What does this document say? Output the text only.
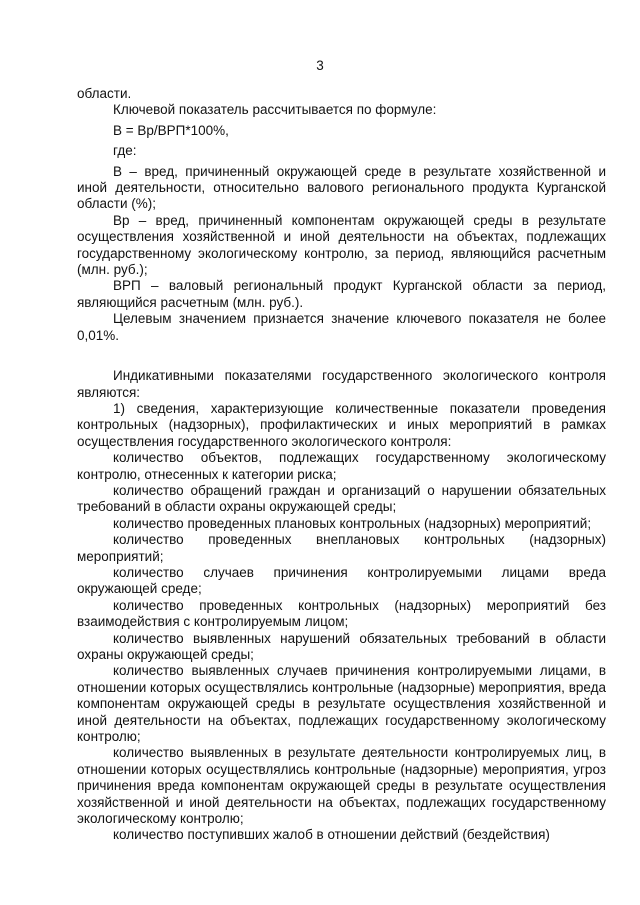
3

области.

Ключевой показатель рассчитывается по формуле:

В = Вр/ВРП*100%,

где:

В – вред, причиненный окружающей среде в результате хозяйственной и иной деятельности, относительно валового регионального продукта Курганской области (%);

Вр – вред, причиненный компонентам окружающей среды в результате осуществления хозяйственной и иной деятельности на объектах, подлежащих государственному экологическому контролю, за период, являющийся расчетным (млн. руб.);

ВРП – валовый региональный продукт Курганской области за период, являющийся расчетным (млн. руб.).

Целевым значением признается значение ключевого показателя не более 0,01%.

Индикативными показателями государственного экологического контроля являются:

1) сведения, характеризующие количественные показатели проведения контрольных (надзорных), профилактических и иных мероприятий в рамках осуществления государственного экологического контроля:

количество объектов, подлежащих государственному экологическому контролю, отнесенных к категории риска;

количество обращений граждан и организаций о нарушении обязательных требований в области охраны окружающей среды;

количество проведенных плановых контрольных (надзорных) мероприятий;

количество проведенных внеплановых контрольных (надзорных) мероприятий;

количество случаев причинения контролируемыми лицами вреда окружающей среде;

количество проведенных контрольных (надзорных) мероприятий без взаимодействия с контролируемым лицом;

количество выявленных нарушений обязательных требований в области охраны окружающей среды;

количество выявленных случаев причинения контролируемыми лицами, в отношении которых осуществлялись контрольные (надзорные) мероприятия, вреда компонентам окружающей среды в результате осуществления хозяйственной и иной деятельности на объектах, подлежащих государственному экологическому контролю;

количество выявленных в результате деятельности контролируемых лиц, в отношении которых осуществлялись контрольные (надзорные) мероприятия, угроз причинения вреда компонентам окружающей среды в результате осуществления хозяйственной и иной деятельности на объектах, подлежащих государственному экологическому контролю;

количество поступивших жалоб в отношении действий (бездействия)
